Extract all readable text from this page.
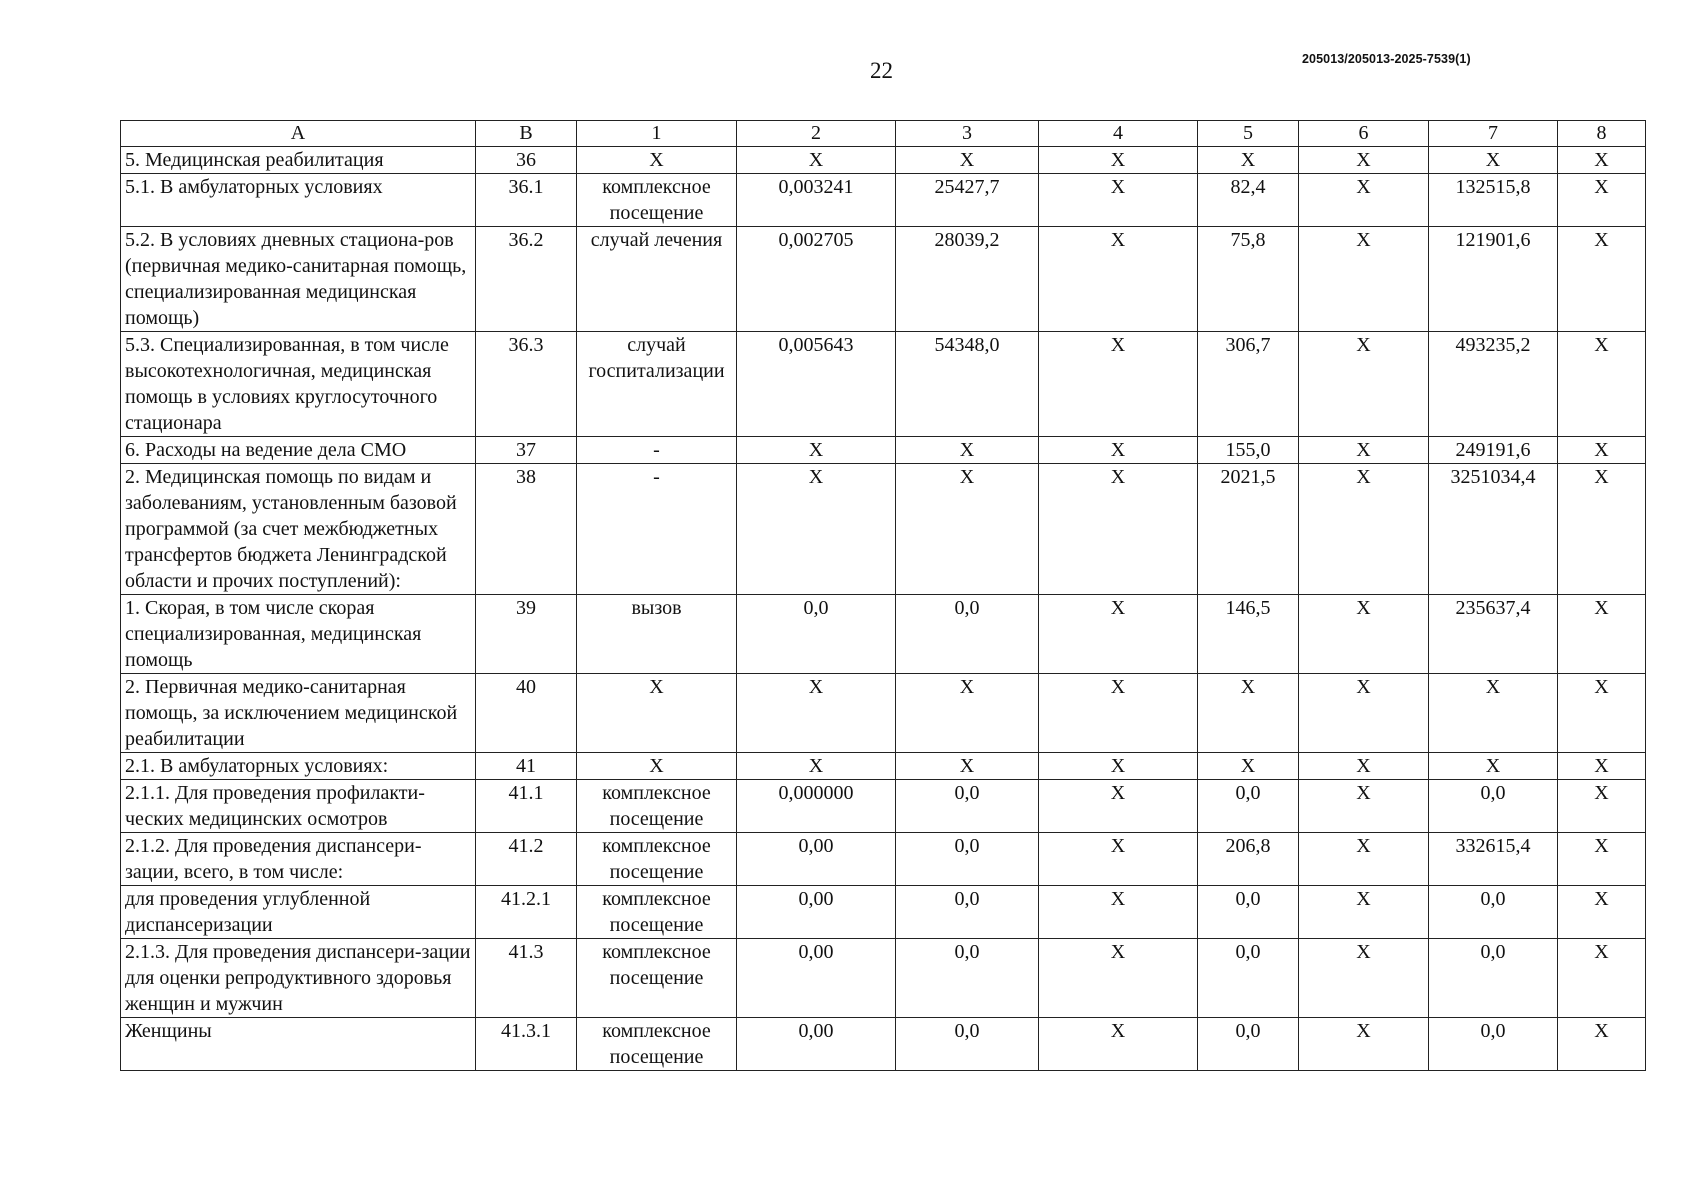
22	205013/205013-2025-7539(1)
A	B	1	2	3	4	5	6	7	8
5. Медицинская реабилитация	36	Х	Х	Х	Х	Х	Х	Х	Х
5.1. В амбулаторных условиях	36.1	комплексное посещение	0,003241	25427,7	Х	82,4	Х	132515,8	Х
5.2. В условиях дневных стациона-ров (первичная медико-санитарная помощь, специализированная медицинская помощь)	36.2	случай лечения	0,002705	28039,2	Х	75,8	Х	121901,6	Х
5.3. Специализированная, в том числе высокотехнологичная, медицинская помощь в условиях круглосуточного стационара	36.3	случай госпитализации	0,005643	54348,0	Х	306,7	Х	493235,2	Х
6. Расходы на ведение дела СМО	37	-	Х	Х	Х	155,0	Х	249191,6	Х
2. Медицинская помощь по видам и заболеваниям, установленным базовой программой (за счет межбюджетных трансфертов бюджета Ленинградской области и прочих поступлений):	38	-	Х	Х	Х	2021,5	Х	3251034,4	Х
1. Скорая, в том числе скорая специализированная, медицинская помощь	39	вызов	0,0	0,0	Х	146,5	Х	235637,4	Х
2. Первичная медико-санитарная помощь, за исключением медицинской реабилитации	40	Х	Х	Х	Х	Х	Х	Х	Х
2.1. В амбулаторных условиях:	41	Х	Х	Х	Х	Х	Х	Х	Х
2.1.1. Для проведения профилакти-ческих медицинских осмотров	41.1	комплексное посещение	0,000000	0,0	Х	0,0	Х	0,0	Х
2.1.2. Для проведения диспансери-зации, всего, в том числе:	41.2	комплексное посещение	0,00	0,0	Х	206,8	Х	332615,4	Х
для проведения углубленной диспансеризации	41.2.1	комплексное посещение	0,00	0,0	Х	0,0	Х	0,0	Х
2.1.3. Для проведения диспансери-зации для оценки репродуктивного здоровья женщин и мужчин	41.3	комплексное посещение	0,00	0,0	Х	0,0	Х	0,0	Х
Женщины	41.3.1	комплексное посещение	0,00	0,0	Х	0,0	Х	0,0	Х
